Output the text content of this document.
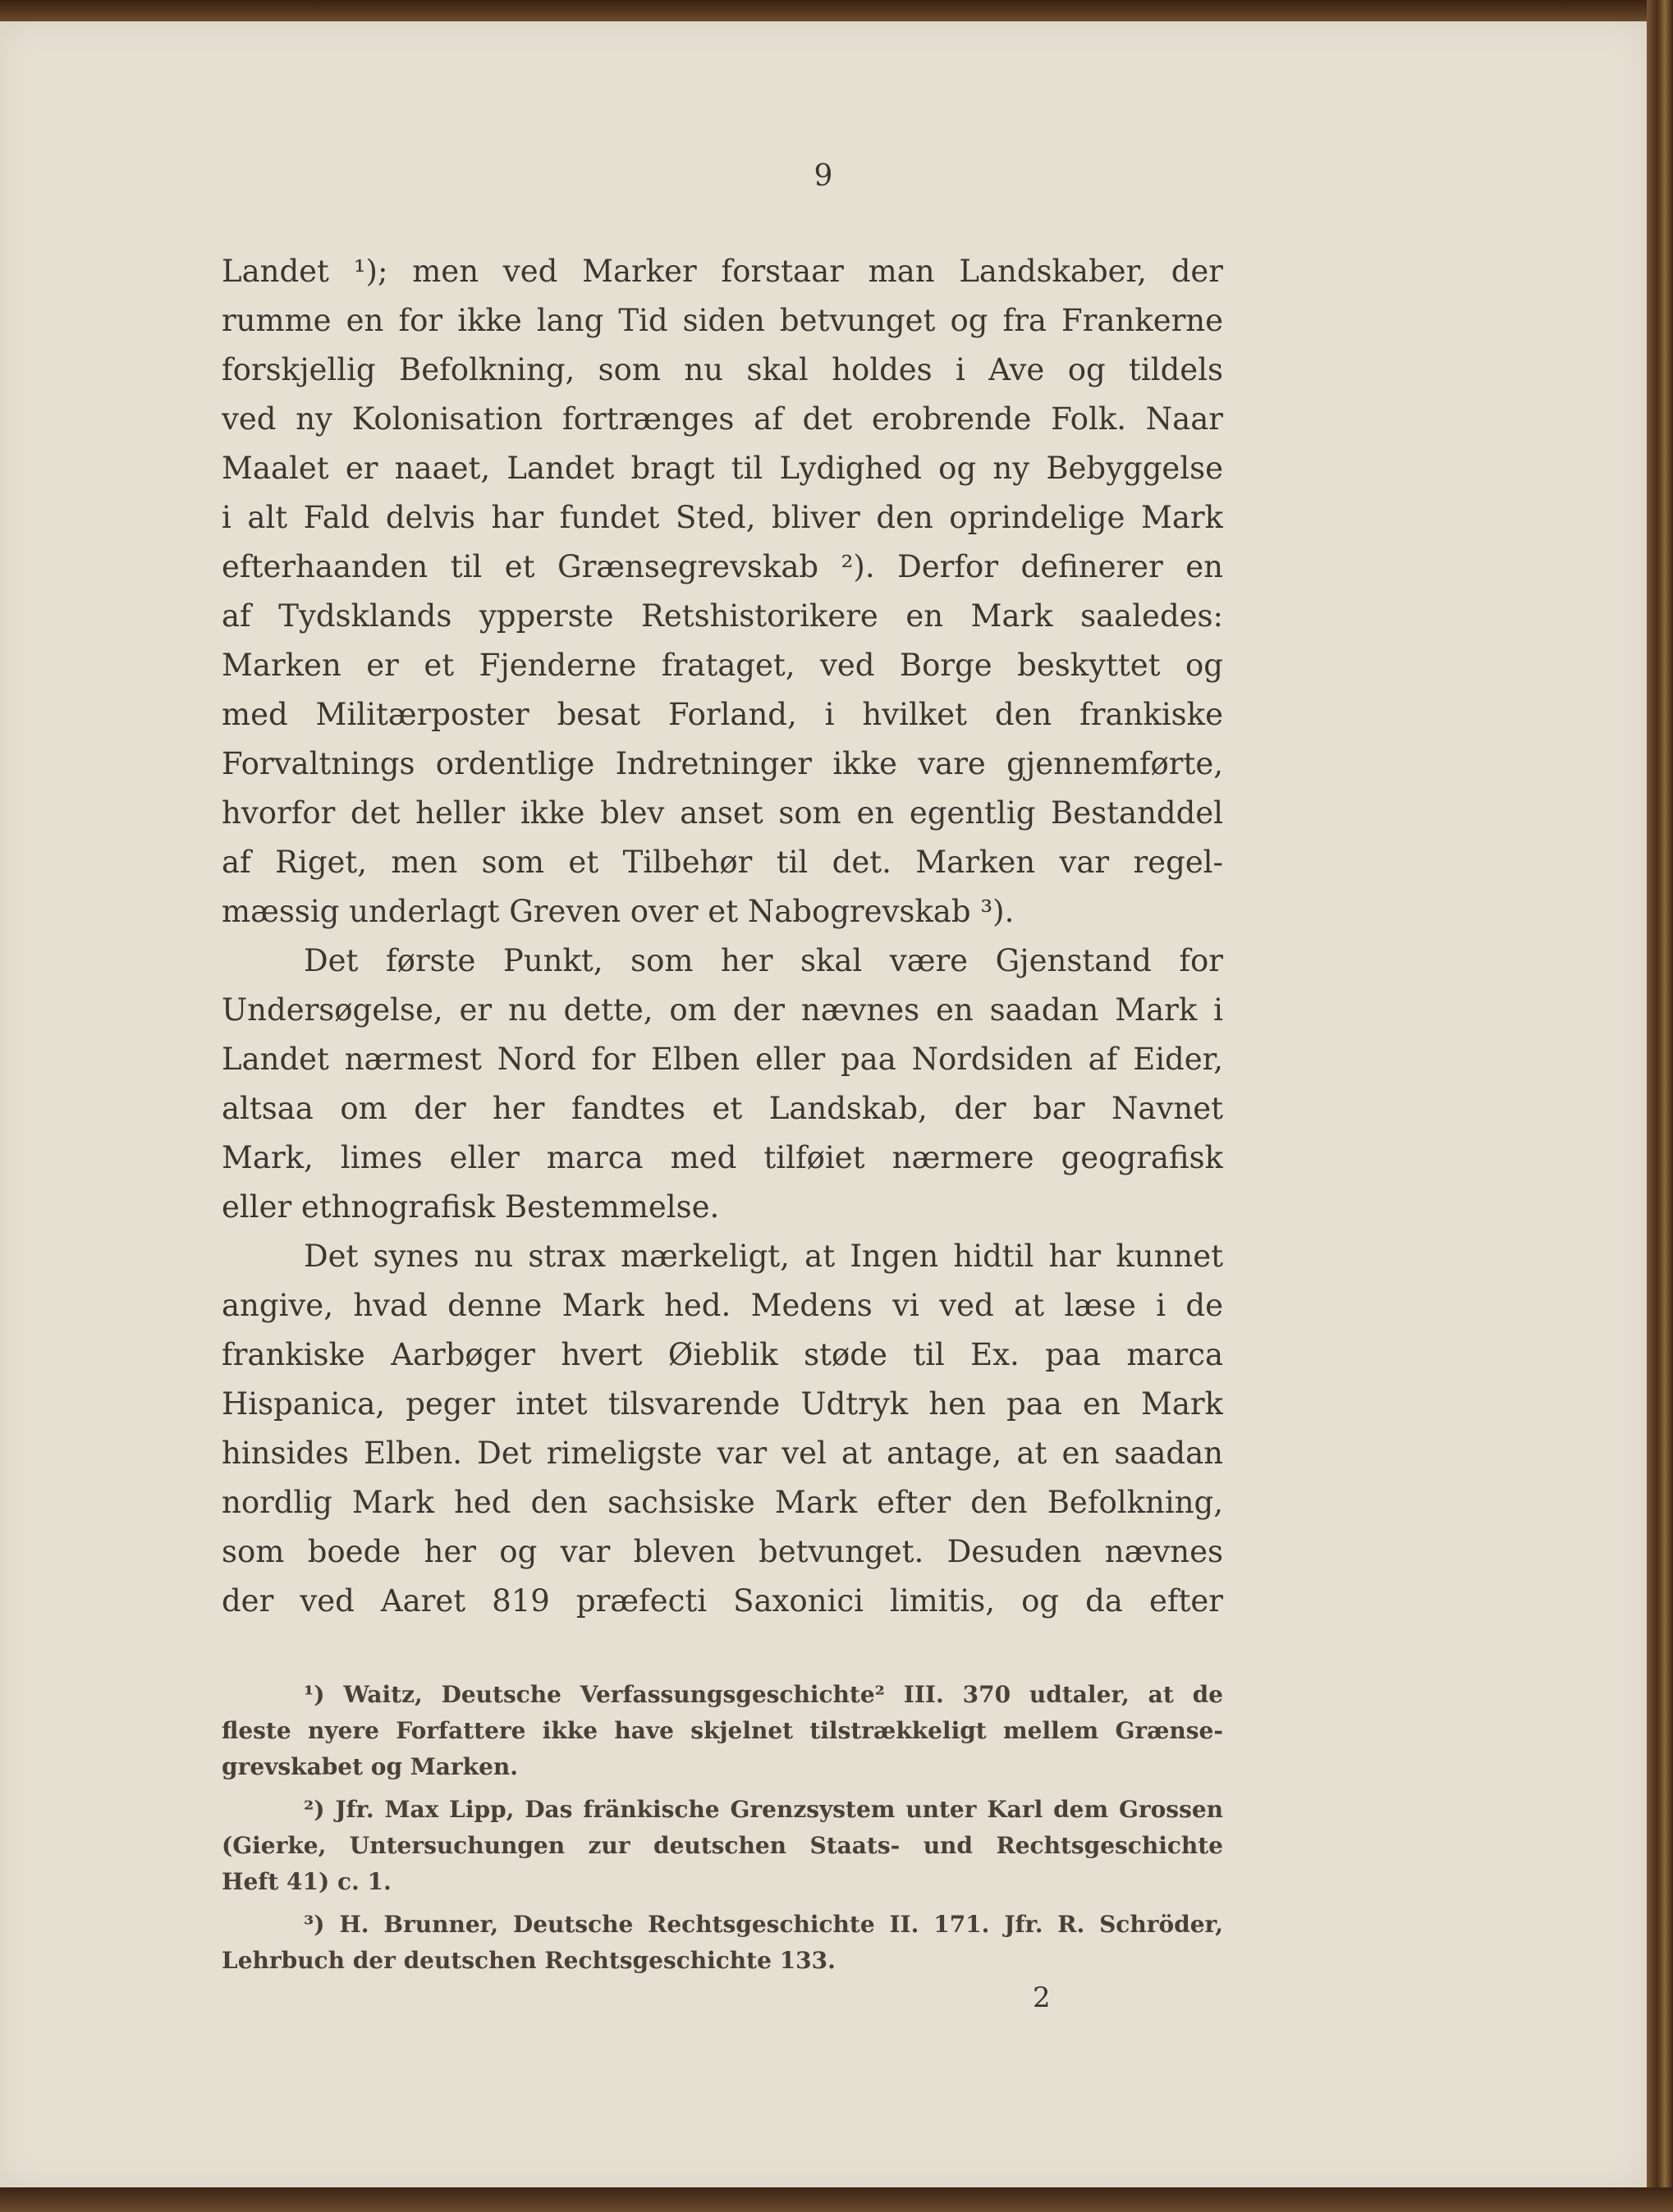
9
Landet ¹); men ved Marker forstaar man Landskaber, der
rumme en for ikke lang Tid siden betvunget og fra Frankerne
forskjellig Befolkning, som nu skal holdes i Ave og tildels
ved ny Kolonisation fortrænges af det erobrende Folk. Naar
Maalet er naaet, Landet bragt til Lydighed og ny Bebyggelse
i alt Fald delvis har fundet Sted, bliver den oprindelige Mark
efterhaanden til et Grænsegrevskab ²). Derfor definerer en
af Tydsklands ypperste Retshistorikere en Mark saaledes:
Marken er et Fjenderne frataget, ved Borge beskyttet og
med Militærposter besat Forland, i hvilket den frankiske
Forvaltnings ordentlige Indretninger ikke vare gjennemførte,
hvorfor det heller ikke blev anset som en egentlig Bestanddel
af Riget, men som et Tilbehør til det. Marken var regel-
mæssig underlagt Greven over et Nabogrevskab ³).
Det første Punkt, som her skal være Gjenstand for
Undersøgelse, er nu dette, om der nævnes en saadan Mark i
Landet nærmest Nord for Elben eller paa Nordsiden af Eider,
altsaa om der her fandtes et Landskab, der bar Navnet
Mark, limes eller marca med tilføiet nærmere geografisk
eller ethnografisk Bestemmelse.
Det synes nu strax mærkeligt, at Ingen hidtil har kunnet
angive, hvad denne Mark hed. Medens vi ved at læse i de
frankiske Aarbøger hvert Øieblik støde til Ex. paa marca
Hispanica, peger intet tilsvarende Udtryk hen paa en Mark
hinsides Elben. Det rimeligste var vel at antage, at en saadan
nordlig Mark hed den sachsiske Mark efter den Befolkning,
som boede her og var bleven betvunget. Desuden nævnes
der ved Aaret 819 præfecti Saxonici limitis, og da efter
¹) Waitz, Deutsche Verfassungsgeschichte² III. 370 udtaler, at de
fleste nyere Forfattere ikke have skjelnet tilstrækkeligt mellem Grænse-
grevskabet og Marken.
²) Jfr. Max Lipp, Das fränkische Grenzsystem unter Karl dem Grossen
(Gierke, Untersuchungen zur deutschen Staats- und Rechtsgeschichte
Heft 41) c. 1.
³) H. Brunner, Deutsche Rechtsgeschichte II. 171. Jfr. R. Schröder,
Lehrbuch der deutschen Rechtsgeschichte 133.
2
